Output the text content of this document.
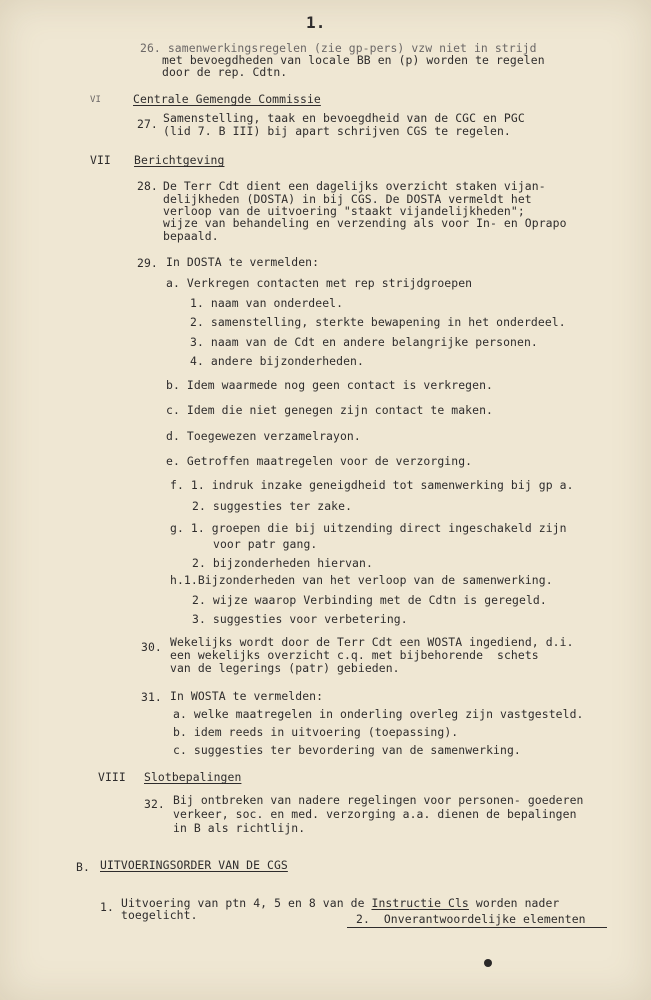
1.
26. samenwerkingsregelen (zie gp-pers) vzw niet in strijd
met bevoegdheden van locale BB en (p) worden te regelen
door de rep. Cdtn.
VI	Centrale Gemengde Commissie
27. Samenstelling, taak en bevoegdheid van de CGC en PGC
(lid 7. B III) bij apart schrijven CGS te regelen.
VII Berichtgeving
28. De Terr Cdt dient een dagelijks overzicht staken vijan-
delijkheden (DOSTA) in bij CGS. De DOSTA vermeldt het
verloop van de uitvoering "staakt vijandelijkheden";
wijze van behandeling en verzending als voor In- en Oprapo
bepaald.
29. In DOSTA te vermelden:
a. Verkregen contacten met rep strijdgroepen
1. naam van onderdeel.
2. samenstelling, sterkte bewapening in het onderdeel.
3. naam van de Cdt en andere belangrijke personen.
4. andere bijzonderheden.
b. Idem waarmede nog geen contact is verkregen.
c. Idem die niet genegen zijn contact te maken.
d. Toegewezen verzamelrayon.
e. Getroffen maatregelen voor de verzorging.
f. 1. indruk inzake geneigdheid tot samenwerking bij gp a.
2. suggesties ter zake.
g. 1. groepen die bij uitzending direct ingeschakeld zijn
voor patr gang.
2. bijzonderheden hiervan.
h.1.Bijzonderheden van het verloop van de samenwerking.
2. wijze waarop Verbinding met de Cdtn is geregeld.
3. suggesties voor verbetering.
30. Wekelijks wordt door de Terr Cdt een WOSTA ingediend, d.i.
een wekelijks overzicht c.q. met bijbehorende  schets
van de legerings (patr) gebieden.
31. In WOSTA te vermelden:
a. welke maatregelen in onderling overleg zijn vastgesteld.
b. idem reeds in uitvoering (toepassing).
c. suggesties ter bevordering van de samenwerking.
VIII Slotbepalingen
32. Bij ontbreken van nadere regelingen voor personen- goederen
verkeer, soc. en med. verzorging a.a. dienen de bepalingen
in B als richtlijn.
B. UITVOERINGSORDER VAN DE CGS
1. Uitvoering van ptn 4, 5 en 8 van de Instructie Cls worden nader
toegelicht.	2.  Onverantwoordelijke elementen
